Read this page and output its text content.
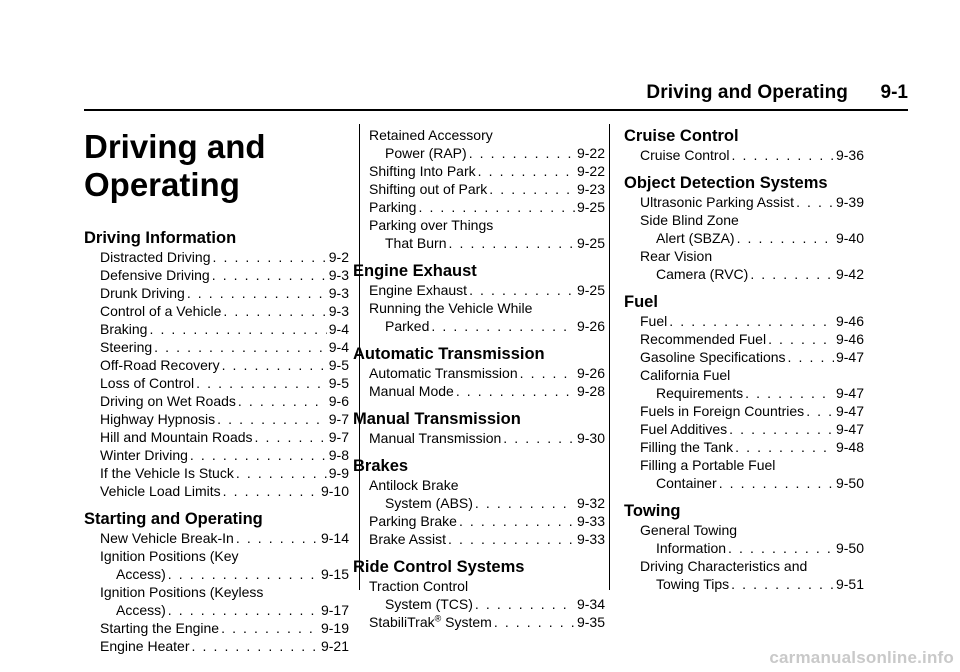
Driving and Operating 9-1
Driving and
Operating
Driving Information
Distracted Driving . . .	9-2
Defensive Driving . . .	9-3
Drunk Driving . . .	9-3
Control of a Vehicle . . .	9-3
Braking . . .	9-4
Steering . . .	9-4
Off-Road Recovery . . .	9-5
Loss of Control . . .	9-5
Driving on Wet Roads . . .	9-6
Highway Hypnosis . . .	9-7
Hill and Mountain Roads . . .	9-7
Winter Driving . . .	9-8
If the Vehicle Is Stuck . . .	9-9
Vehicle Load Limits . . .	9-10
Starting and Operating
New Vehicle Break-In . . .	9-14
Ignition Positions (Key
Access) . . .	9-15
Ignition Positions (Keyless
Access) . . .	9-17
Starting the Engine . . .	9-19
Engine Heater . . .	9-21
Retained Accessory
Power (RAP) . . .	9-22
Shifting Into Park . . .	9-22
Shifting out of Park . . .	9-23
Parking . . .	9-25
Parking over Things
That Burn . . .	9-25
Engine Exhaust
Engine Exhaust . . .	9-25
Running the Vehicle While
Parked . . .	9-26
Automatic Transmission
Automatic Transmission . . .	9-26
Manual Mode . . .	9-28
Manual Transmission
Manual Transmission . . .	9-30
Brakes
Antilock Brake
System (ABS) . . .	9-32
Parking Brake . . .	9-33
Brake Assist . . .	9-33
Ride Control Systems
Traction Control
System (TCS) . . .	9-34
StabiliTrak® System . . .	9-35
Cruise Control
Cruise Control . . .	9-36
Object Detection Systems
Ultrasonic Parking Assist . . .	9-39
Side Blind Zone
Alert (SBZA) . . .	9-40
Rear Vision
Camera (RVC) . . .	9-42
Fuel
Fuel . . .	9-46
Recommended Fuel . . .	9-46
Gasoline Specifications . . .	9-47
California Fuel
Requirements . . .	9-47
Fuels in Foreign Countries . . . 9-47
Fuel Additives . . .	9-47
Filling the Tank . . .	9-48
Filling a Portable Fuel
Container . . .	9-50
Towing
General Towing
Information . . .	9-50
Driving Characteristics and
Towing Tips . . .	9-51
carmanualsonline.info
